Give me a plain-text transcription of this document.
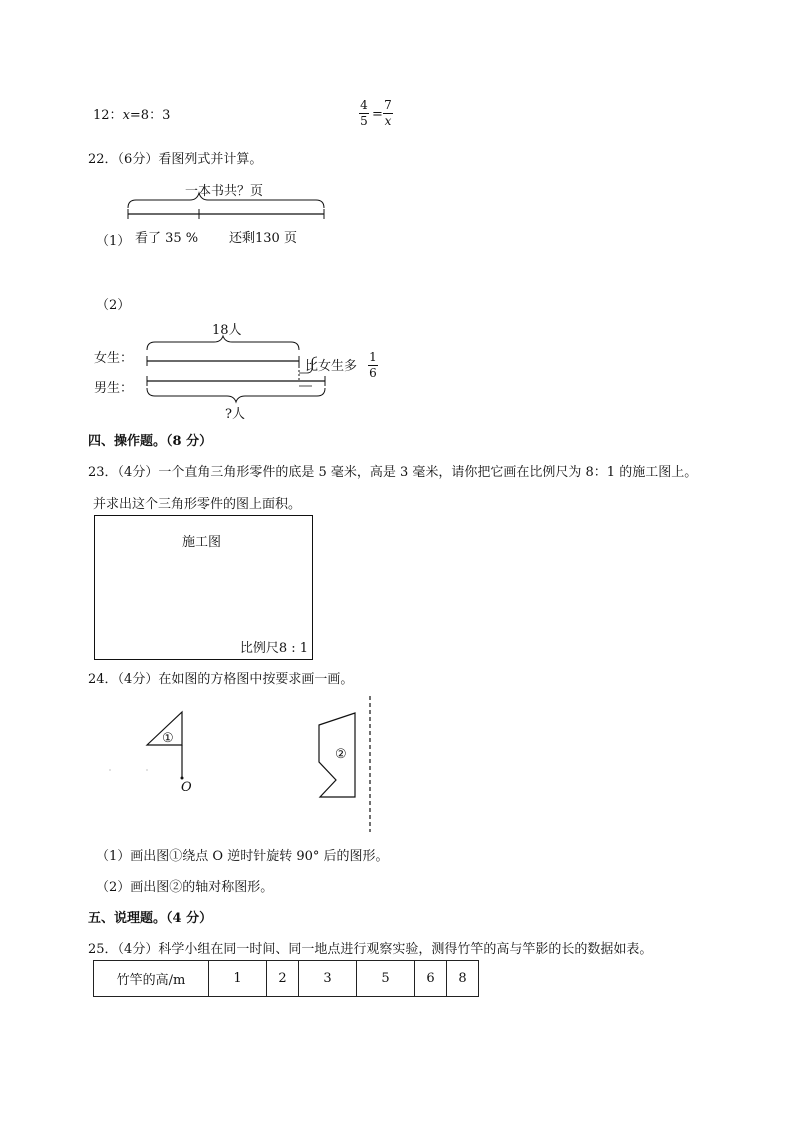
12：x=8：3
4
5 =
7
x
22．（6分）看图列式并计算。
一本书共？页
（1） 看了 35 % 还剩130 页
（2）
18人
女生：
男生：
比女生多
1
6
?人
四、操作题。（8 分）
23．（4分）一个直角三角形零件的底是 5 毫米，高是 3 毫米，请你把它画在比例尺为 8：1 的施工图上。
并求出这个三角形零件的图上面积。
施工图
比例尺8 : 1
24．（4分）在如图的方格图中按要求画一画。
①
②
O
（1）画出图①绕点 O 逆时针旋转 90° 后的图形。
（2）画出图②的轴对称图形。
五、说理题。（4 分）
25．（4分）科学小组在同一时间、同一地点进行观察实验，测得竹竿的高与竿影的长的数据如表。
竹竿的高/m	1	2	3	5	6	8
